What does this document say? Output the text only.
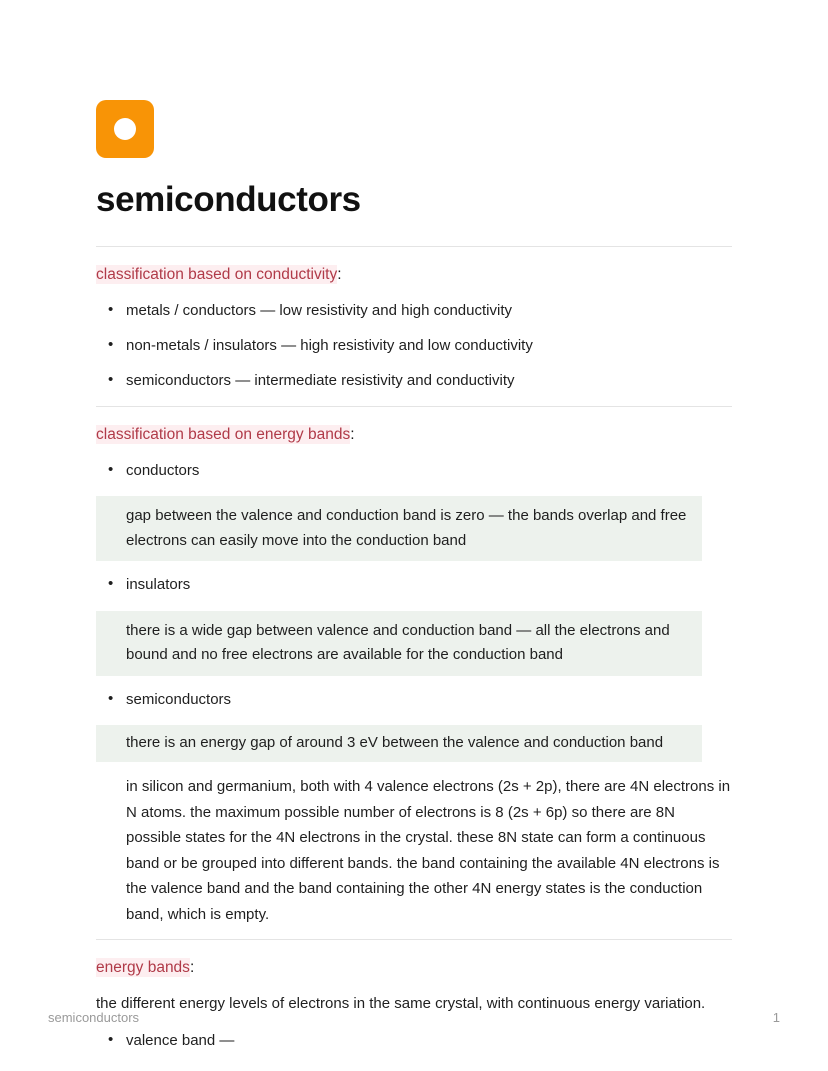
semiconductors

classification based on conductivity:

• metals / conductors — low resistivity and high conductivity
• non-metals / insulators — high resistivity and low conductivity
• semiconductors — intermediate resistivity and conductivity

classification based on energy bands:

• conductors
gap between the valence and conduction band is zero — the bands overlap and free electrons can easily move into the conduction band
• insulators
there is a wide gap between valence and conduction band — all the electrons and bound and no free electrons are available for the conduction band
• semiconductors
there is an energy gap of around 3 eV between the valence and conduction band

in silicon and germanium, both with 4 valence electrons (2s + 2p), there are 4N electrons in N atoms. the maximum possible number of electrons is 8 (2s + 6p) so there are 8N possible states for the 4N electrons in the crystal. these 8N state can form a continuous band or be grouped into different bands. the band containing the available 4N electrons is the valence band and the band containing the other 4N energy states is the conduction band, which is empty.

energy bands:

the different energy levels of electrons in the same crystal, with continuous energy variation.

• valence band —
semiconductors	1
